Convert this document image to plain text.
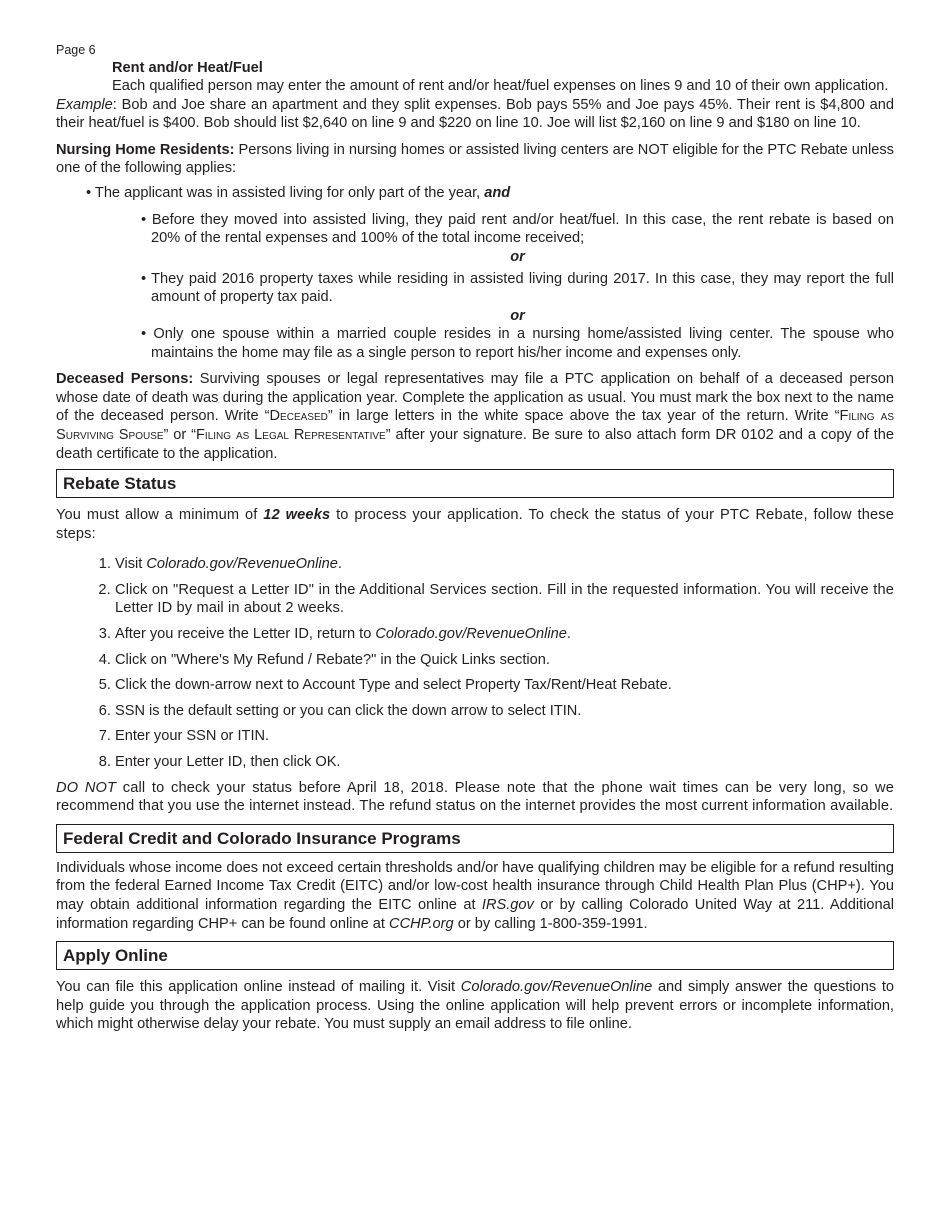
Page 6
Rent and/or Heat/Fuel

Each qualified person may enter the amount of rent and/or heat/fuel expenses on lines 9 and 10 of their own application.

Example: Bob and Joe share an apartment and they split expenses. Bob pays 55% and Joe pays 45%. Their rent is $4,800 and their heat/fuel is $400. Bob should list $2,640 on line 9 and $220 on line 10. Joe will list $2,160 on line 9 and $180 on line 10.

Nursing Home Residents: Persons living in nursing homes or assisted living centers are NOT eligible for the PTC Rebate unless one of the following applies:

• The applicant was in assisted living for only part of the year, and
• Before they moved into assisted living, they paid rent and/or heat/fuel. In this case, the rent rebate is based on 20% of the rental expenses and 100% of the total income received;
or
• They paid 2016 property taxes while residing in assisted living during 2017. In this case, they may report the full amount of property tax paid.
or
• Only one spouse within a married couple resides in a nursing home/assisted living center. The spouse who maintains the home may file as a single person to report his/her income and expenses only.

Deceased Persons: Surviving spouses or legal representatives may file a PTC application on behalf of a deceased person whose date of death was during the application year. Complete the application as usual. You must mark the box next to the name of the deceased person. Write “Deceased” in large letters in the white space above the tax year of the return. Write “Filing as Surviving Spouse” or “Filing as Legal Representative” after your signature. Be sure to also attach form DR 0102 and a copy of the death certificate to the application.

Rebate Status

You must allow a minimum of 12 weeks to process your application. To check the status of your PTC Rebate, follow these steps:

1. Visit Colorado.gov/RevenueOnline.
2. Click on "Request a Letter ID" in the Additional Services section. Fill in the requested information. You will receive the Letter ID by mail in about 2 weeks.
3. After you receive the Letter ID, return to Colorado.gov/RevenueOnline.
4. Click on "Where's My Refund / Rebate?" in the Quick Links section.
5. Click the down-arrow next to Account Type and select Property Tax/Rent/Heat Rebate.
6. SSN is the default setting or you can click the down arrow to select ITIN.
7. Enter your SSN or ITIN.
8. Enter your Letter ID, then click OK.

DO NOT call to check your status before April 18, 2018. Please note that the phone wait times can be very long, so we recommend that you use the internet instead. The refund status on the internet provides the most current information available.

Federal Credit and Colorado Insurance Programs

Individuals whose income does not exceed certain thresholds and/or have qualifying children may be eligible for a refund resulting from the federal Earned Income Tax Credit (EITC) and/or low-cost health insurance through Child Health Plan Plus (CHP+). You may obtain additional information regarding the EITC online at IRS.gov or by calling Colorado United Way at 211. Additional information regarding CHP+ can be found online at CCHP.org or by calling 1-800-359-1991.

Apply Online

You can file this application online instead of mailing it. Visit Colorado.gov/RevenueOnline and simply answer the questions to help guide you through the application process. Using the online application will help prevent errors or incomplete information, which might otherwise delay your rebate. You must supply an email address to file online.
